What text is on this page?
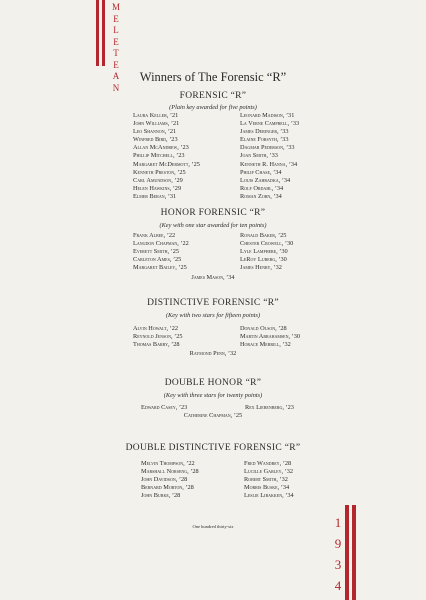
M
E
L
E
T
E
A
N
1
9
3
4
Winners of The Forensic “R”
FORENSIC “R”
(Plain key awarded for five points)
Laura Keller, ’21
John Williams, ’21
Leo Shannon, ’21
Winfred Bird, ’23
Allan McAndrew, ’23
Phillip Mitchell, ’23
Margaret McDermott, ’25
Kenneth Preston, ’25
Carl Amundson, ’29
Helen Hawkins, ’29
Elmer Beran, ’31
Leonard Madison, ’31
La Verne Campbell, ’33
James Deringer, ’33
Elaine Forsyth, ’33
Dagmar Pederson, ’33
Joan Smith, ’33
Kenneth R. Hanna, ’34
Philip Chase, ’34
Louis Zahradka, ’34
Rolf Ordahl, ’34
Roman Zorn, ’34
HONOR FORENSIC “R”
(Key with one star awarded for ten points)
Frank Albee, ’22
Langdon Chapman, ’22
Everett Smith, ’25
Carleton Ames, ’25
Margaret Bailey, ’25
Ronald Baker, ’25
Chester Crowell, ’30
Lyle Lamphere, ’30
LeRoy Luberg, ’30
James Henry, ’32
James Mason, ’34
DISTINCTIVE FORENSIC “R”
(Key with two stars for fifteen points)
Alvin Howalt, ’22
Reynold Jenson, ’25
Thomas Barry, ’28
Donald Olson, ’28
Martin Abrahamsen, ’30
Horace Merrill, ’32
Raymond Penn, ’32
DOUBLE HONOR “R”
(Key with three stars for twenty points)
Edward Casey, ’23	Rex Liebenberg, ’23
Catherine Chapman, ’25
DOUBLE DISTINCTIVE FORENSIC “R”
Melvin Thompson, ’22
Marshall Norseng, ’28
John Davidson, ’28
Bernard Morton, ’28
John Burke, ’28
Fred Wandrey, ’28
Lucille Garley, ’32
Robert Smith, ’32
Morris Buske, ’34
Leslie Libakken, ’34
One hundred thirty-six
